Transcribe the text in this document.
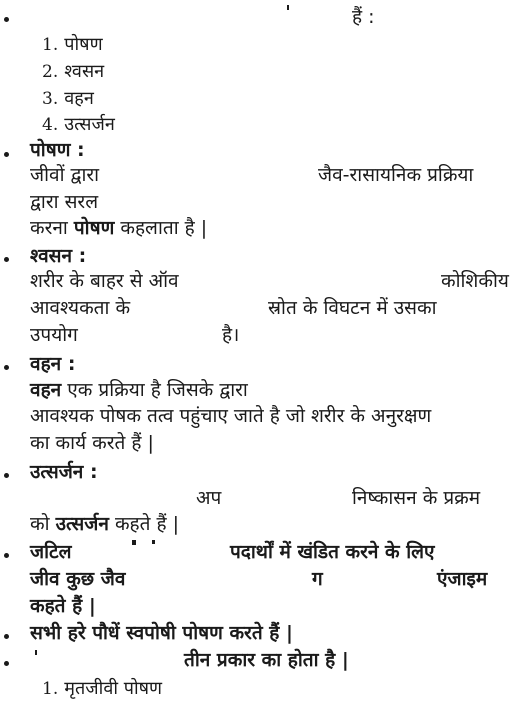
हैं :
1. पोषण
2. श्वसन
3. वहन
4. उत्सर्जन
पोषण :
जीवों द्वारा	जैव-रासायनिक प्रक्रिया
द्वारा सरल
करना पोषण कहलाता है |
श्वसन :
शरीर के बाहर से ऑव	कोशिकीय
आवश्यकता के	स्रोत के विघटन में उसका
उपयोग	है।
वहन :
वहन एक प्रक्रिया है जिसके द्वारा
आवश्यक पोषक तत्व पहुंचाए जाते है जो शरीर के अनुरक्षण
का कार्य करते हैं |
उत्सर्जन :
अप	निष्कासन के प्रक्रम
को उत्सर्जन कहते हैं |
जटिल	पदार्थों में खंडित करने के लिए
जीव कुछ जैव	ग	एंजाइम
कहते हैं |
सभी हरे पौधें स्वपोषी पोषण करते हैं |
तीन प्रकार का होता है |
1. मृतजीवी पोषण
